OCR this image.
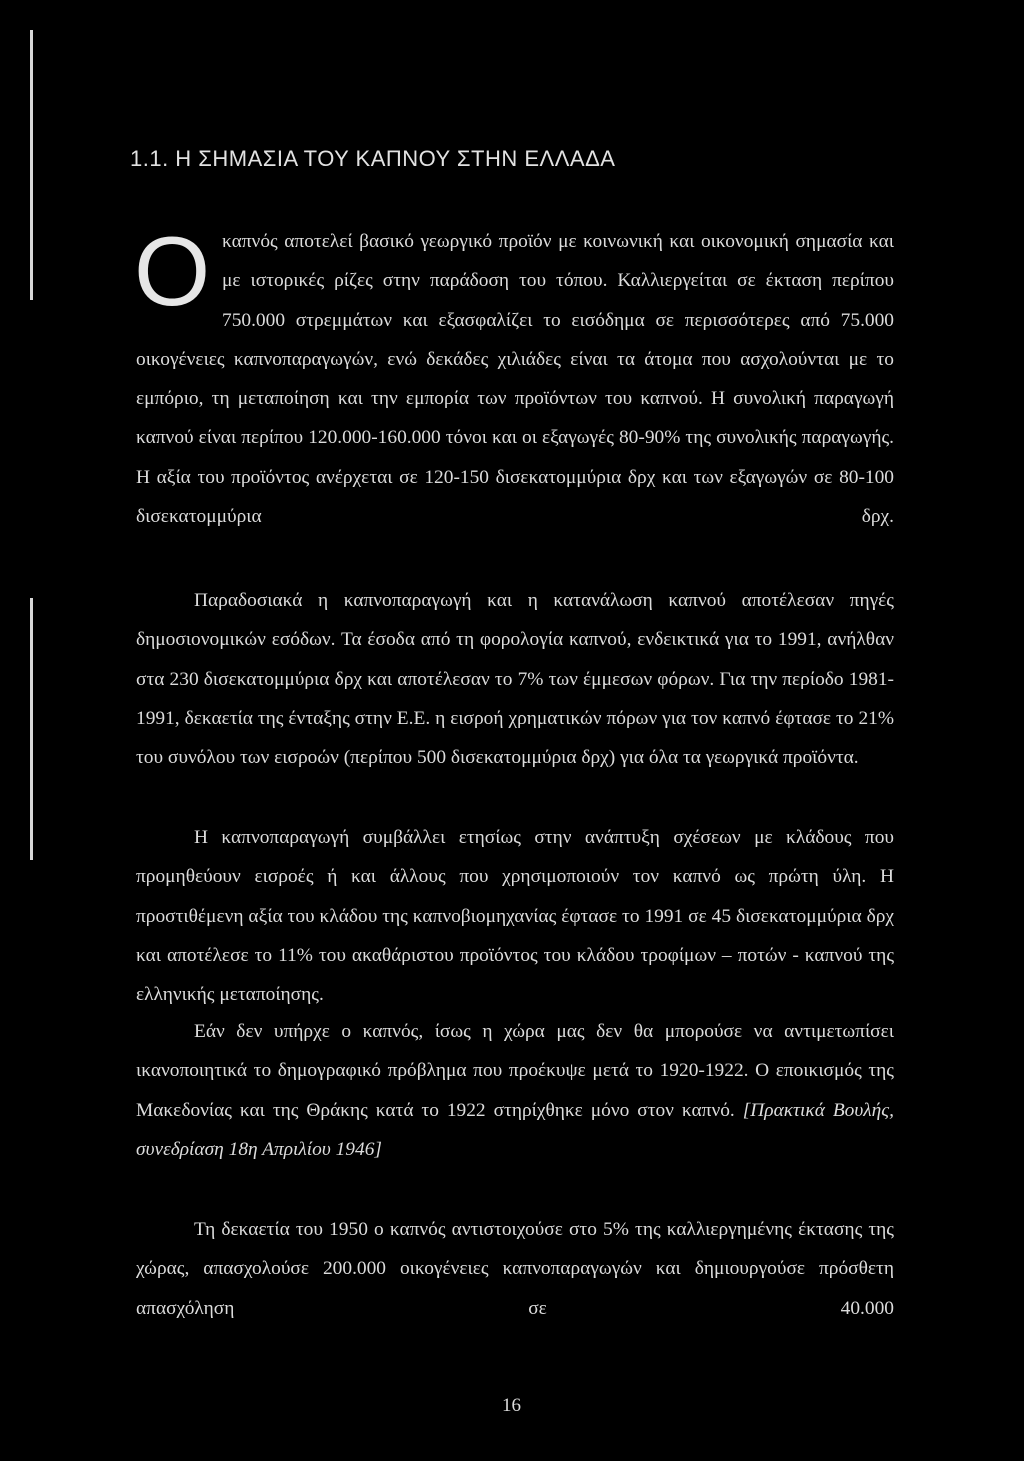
1.1. Η ΣΗΜΑΣΙΑ ΤΟΥ ΚΑΠΝΟΥ ΣΤΗΝ ΕΛΛΑΔΑ
Ο καπνός αποτελεί βασικό γεωργικό προϊόν με κοινωνική και οικονομική σημασία και με ιστορικές ρίζες στην παράδοση του τόπου. Καλλιεργείται σε έκταση περίπου 750.000 στρεμμάτων και εξασφαλίζει το εισόδημα σε περισσότερες από 75.000 οικογένειες καπνοπαραγωγών, ενώ δεκάδες χιλιάδες είναι τα άτομα που ασχολούνται με το εμπόριο, τη μεταποίηση και την εμπορία των προϊόντων του καπνού. Η συνολική παραγωγή καπνού είναι περίπου 120.000-160.000 τόνοι και οι εξαγωγές 80-90% της συνολικής παραγωγής. Η αξία του προϊόντος ανέρχεται σε 120-150 δισεκατομμύρια δρχ και των εξαγωγών σε 80-100 δισεκατομμύρια δρχ.

Παραδοσιακά η καπνοπαραγωγή και η κατανάλωση καπνού αποτέλεσαν πηγές δημοσιονομικών εσόδων. Τα έσοδα από τη φορολογία καπνού, ενδεικτικά για το 1991, ανήλθαν στα 230 δισεκατομμύρια δρχ και αποτέλεσαν το 7% των έμμεσων φόρων. Για την περίοδο 1981-1991, δεκαετία της ένταξης στην Ε.Ε. η εισροή χρηματικών πόρων για τον καπνό έφτασε το 21% του συνόλου των εισροών (περίπου 500 δισεκατομμύρια δρχ) για όλα τα γεωργικά προϊόντα.

Η καπνοπαραγωγή συμβάλλει ετησίως στην ανάπτυξη σχέσεων με κλάδους που προμηθεύουν εισροές ή και άλλους που χρησιμοποιούν τον καπνό ως πρώτη ύλη. Η προστιθέμενη αξία του κλάδου της καπνοβιομηχανίας έφτασε το 1991 σε 45 δισεκατομμύρια δρχ και αποτέλεσε το 11% του ακαθάριστου προϊόντος του κλάδου τροφίμων – ποτών - καπνού της ελληνικής μεταποίησης.

Εάν δεν υπήρχε ο καπνός, ίσως η χώρα μας δεν θα μπορούσε να αντιμετωπίσει ικανοποιητικά το δημογραφικό πρόβλημα που προέκυψε μετά το 1920-1922. Ο εποικισμός της Μακεδονίας και της Θράκης κατά το 1922 στηρίχθηκε μόνο στον καπνό. [Πρακτικά Βουλής, συνεδρίαση 18η Απριλίου 1946]

Τη δεκαετία του 1950 ο καπνός αντιστοιχούσε στο 5% της καλλιεργημένης έκτασης της χώρας, απασχολούσε 200.000 οικογένειες καπνοπαραγωγών και δημιουργούσε πρόσθετη απασχόληση σε 40.000

16
